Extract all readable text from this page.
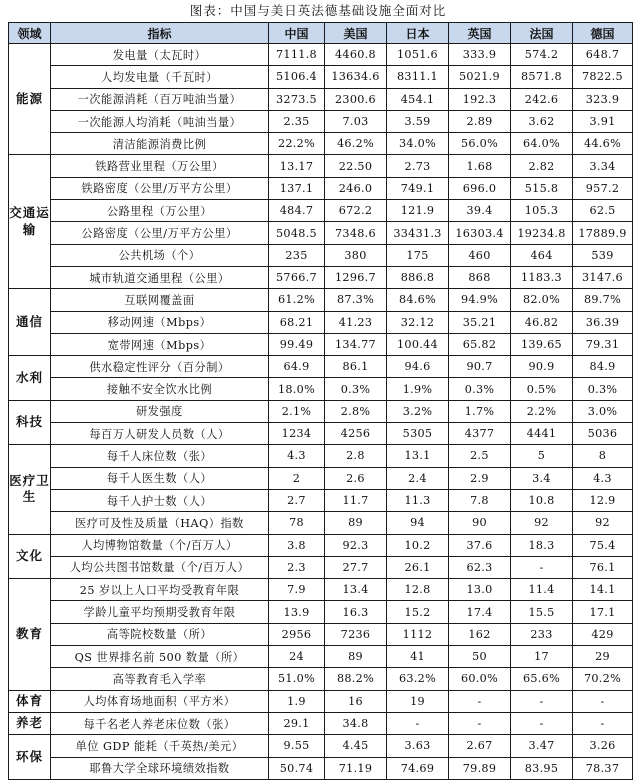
图表：中国与美日英法德基础设施全面对比
领域	指标	中国	美国	日本	英国	法国	德国
能源	发电量（太瓦时）	7111.8	4460.8	1051.6	333.9	574.2	648.7
	人均发电量（千瓦时）	5106.4	13634.6	8311.1	5021.9	8571.8	7822.5
	一次能源消耗（百万吨油当量）	3273.5	2300.6	454.1	192.3	242.6	323.9
	一次能源人均消耗（吨油当量）	2.35	7.03	3.59	2.89	3.62	3.91
	清洁能源消费比例	22.2%	46.2%	34.0%	56.0%	64.0%	44.6%
交通运输	铁路营业里程（万公里）	13.17	22.50	2.73	1.68	2.82	3.34
	铁路密度（公里/万平方公里）	137.1	246.0	749.1	696.0	515.8	957.2
	公路里程（万公里）	484.7	672.2	121.9	39.4	105.3	62.5
	公路密度（公里/万平方公里）	5048.5	7348.6	33431.3	16303.4	19234.8	17889.9
	公共机场（个）	235	380	175	460	464	539
	城市轨道交通里程（公里）	5766.7	1296.7	886.8	868	1183.3	3147.6
通信	互联网覆盖面	61.2%	87.3%	84.6%	94.9%	82.0%	89.7%
	移动网速（Mbps）	68.21	41.23	32.12	35.21	46.82	36.39
	宽带网速（Mbps）	99.49	134.77	100.44	65.82	139.65	79.31
水利	供水稳定性评分（百分制）	64.9	86.1	94.6	90.7	90.9	84.9
	接触不安全饮水比例	18.0%	0.3%	1.9%	0.3%	0.5%	0.3%
科技	研发强度	2.1%	2.8%	3.2%	1.7%	2.2%	3.0%
	每百万人研发人员数（人）	1234	4256	5305	4377	4441	5036
医疗卫生	每千人床位数（张）	4.3	2.8	13.1	2.5	5	8
	每千人医生数（人）	2	2.6	2.4	2.9	3.4	4.3
	每千人护士数（人）	2.7	11.7	11.3	7.8	10.8	12.9
	医疗可及性及质量（HAQ）指数	78	89	94	90	92	92
文化	人均博物馆数量（个/百万人）	3.8	92.3	10.2	37.6	18.3	75.4
	人均公共图书馆数量（个/百万人）	2.3	27.7	26.1	62.3	-	76.1
教育	25 岁以上人口平均受教育年限	7.9	13.4	12.8	13.0	11.4	14.1
	学龄儿童平均预期受教育年限	13.9	16.3	15.2	17.4	15.5	17.1
	高等院校数量（所）	2956	7236	1112	162	233	429
	QS 世界排名前 500 数量（所）	24	89	41	50	17	29
	高等教育毛入学率	51.0%	88.2%	63.2%	60.0%	65.6%	70.2%
体育	人均体育场地面积（平方米）	1.9	16	19	-	-	-
养老	每千名老人养老床位数（张）	29.1	34.8	-	-	-	-
环保	单位 GDP 能耗（千英热/美元）	9.55	4.45	3.63	2.67	3.47	3.26
	耶鲁大学全球环境绩效指数	50.74	71.19	74.69	79.89	83.95	78.37
